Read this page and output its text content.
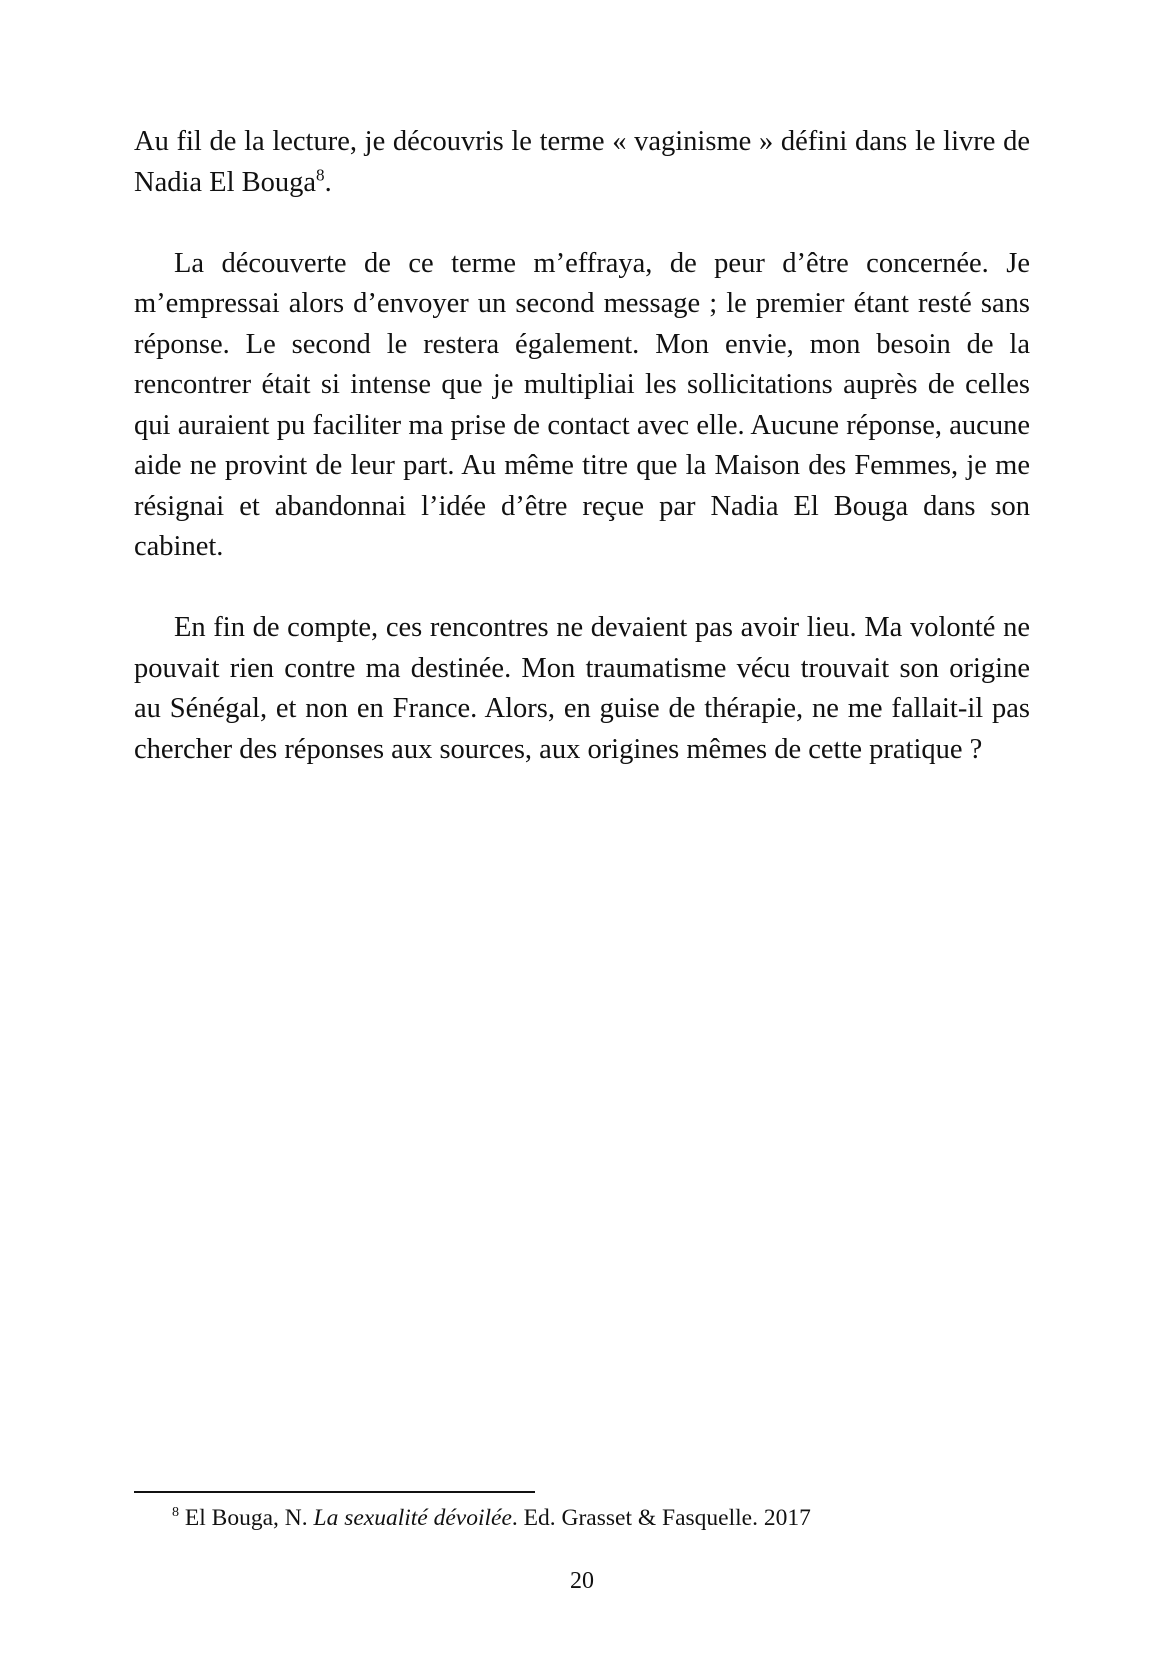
Au fil de la lecture, je découvris le terme « vaginisme » défini dans le livre de Nadia El Bouga$^8$.

La découverte de ce terme m’effraya, de peur d’être concernée. Je m’empressai alors d’envoyer un second message ; le premier étant resté sans réponse. Le second le restera également. Mon envie, mon besoin de la rencontrer était si intense que je multipliai les sollicitations auprès de celles qui auraient pu faciliter ma prise de contact avec elle. Aucune réponse, aucune aide ne provint de leur part. Au même titre que la Maison des Femmes, je me résignai et abandonnai l’idée d’être reçue par Nadia El Bouga dans son cabinet.

En fin de compte, ces rencontres ne devaient pas avoir lieu. Ma volonté ne pouvait rien contre ma destinée. Mon traumatisme vécu trouvait son origine au Sénégal, et non en France. Alors, en guise de thérapie, ne me fallait-il pas chercher des réponses aux sources, aux origines mêmes de cette pratique ?

$^8$ El Bouga, N. La sexualité dévoilée. Ed. Grasset & Fasquelle. 2017
20
